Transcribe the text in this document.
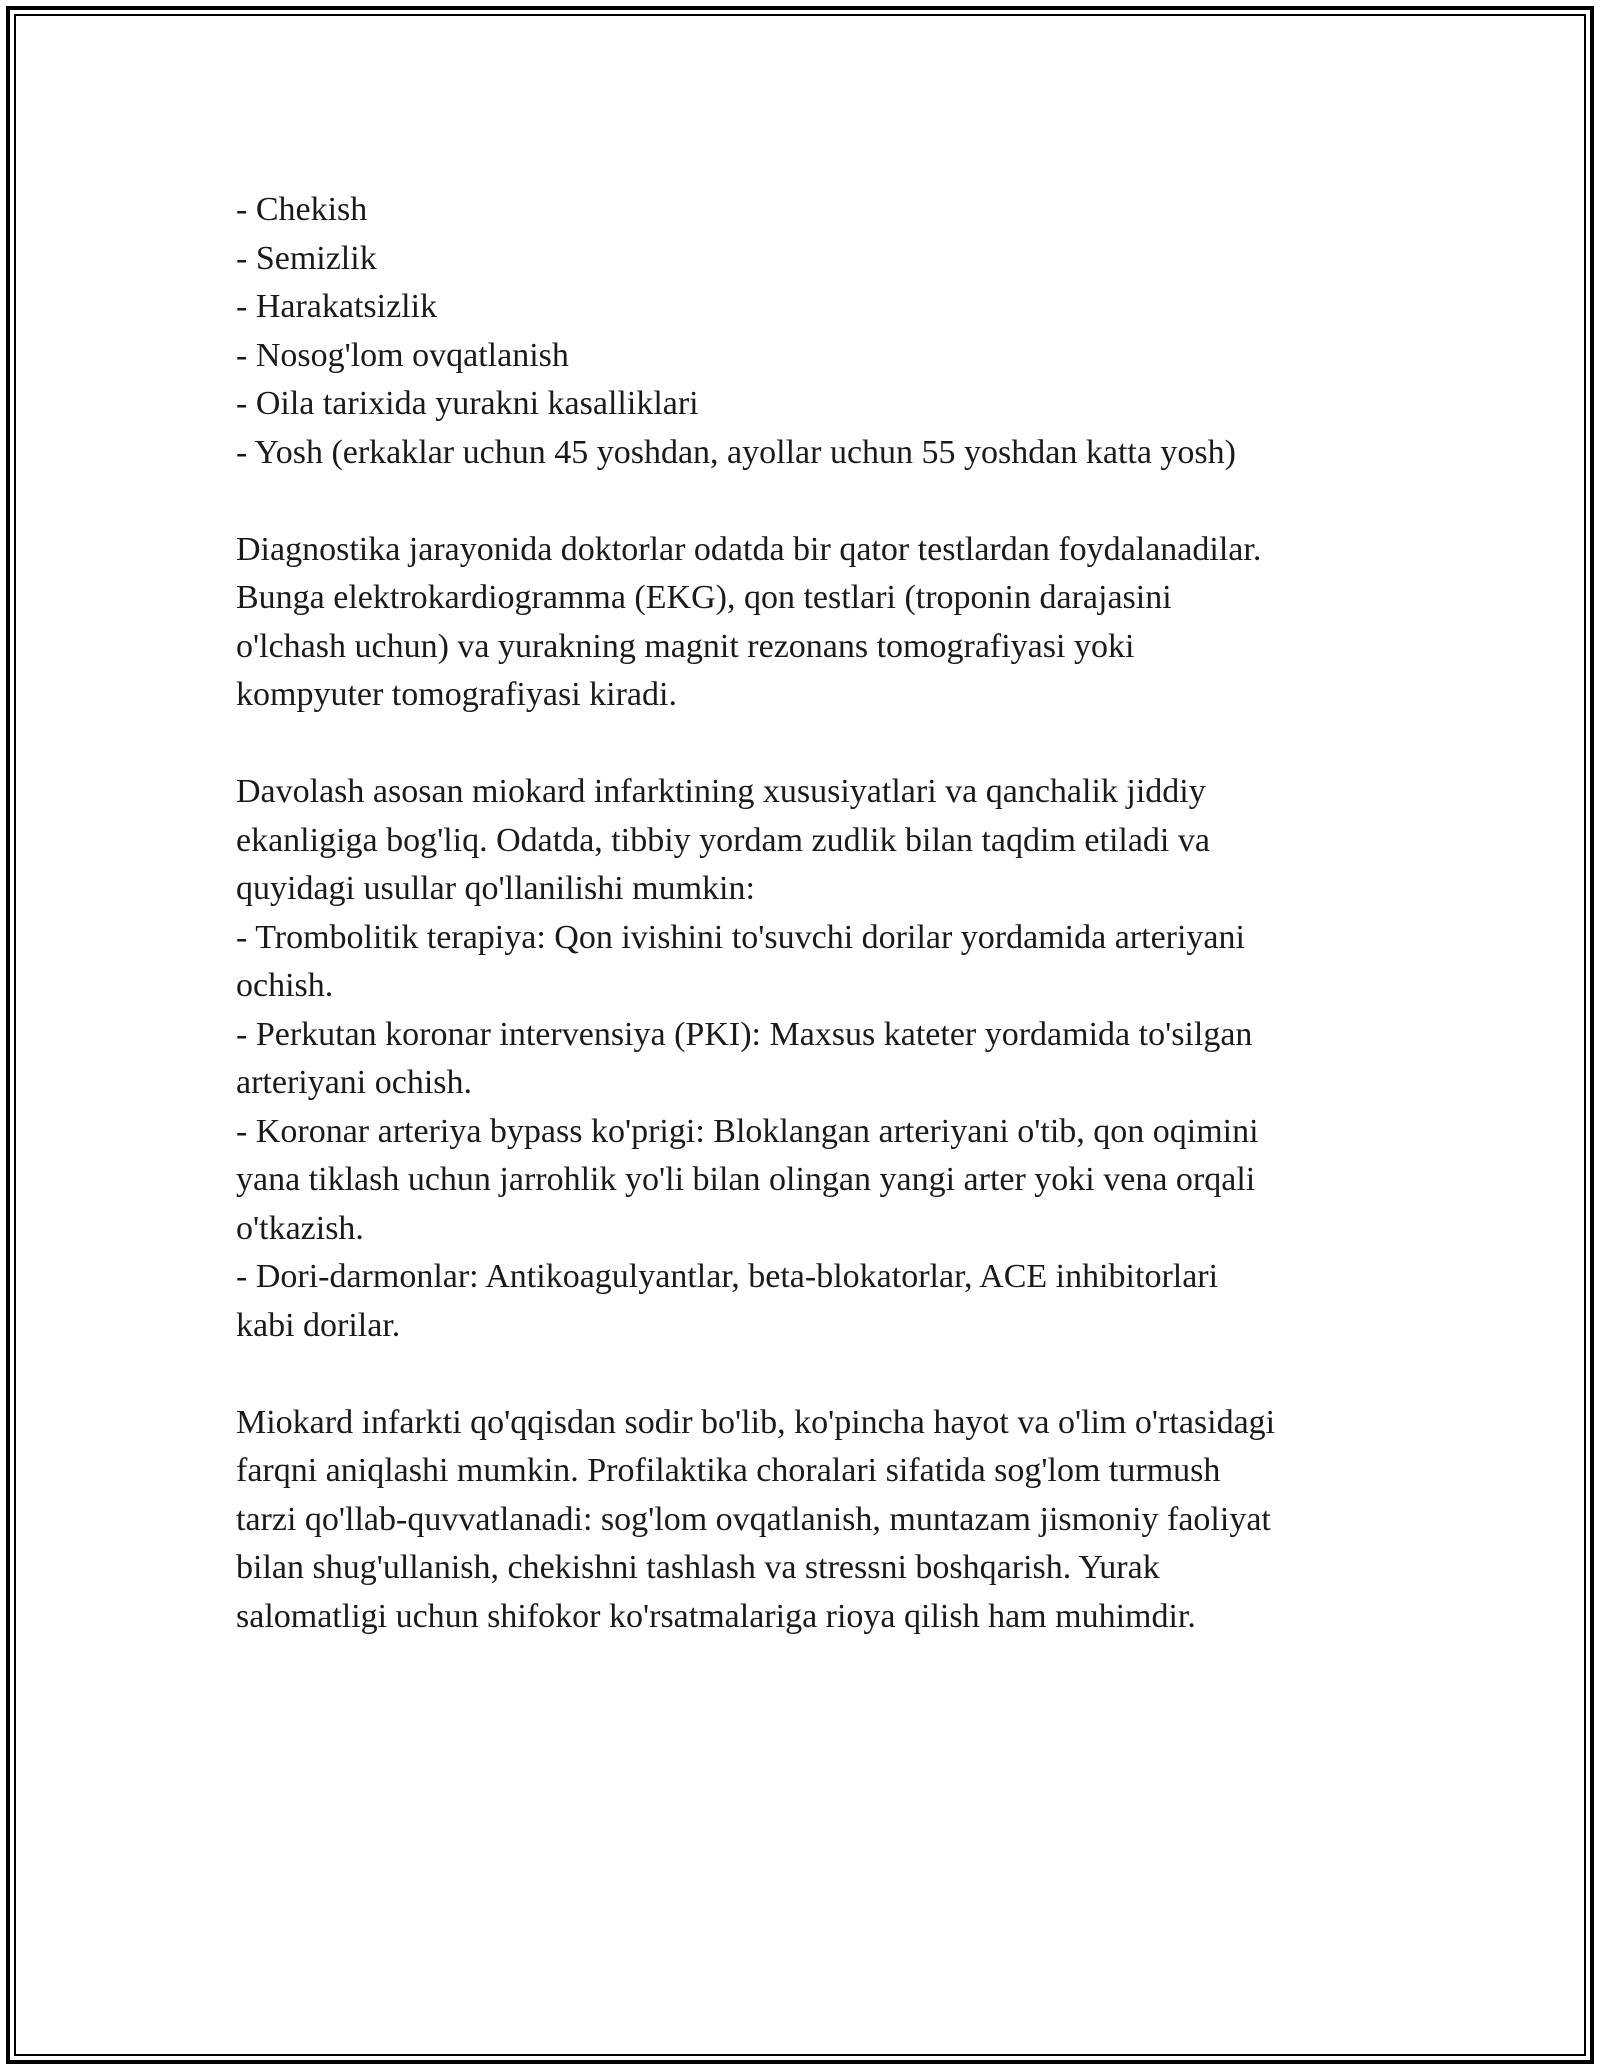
- Chekish
- Semizlik
- Harakatsizlik
- Nosog'lom ovqatlanish
- Oila tarixida yurakni kasalliklari
- Yosh (erkaklar uchun 45 yoshdan, ayollar uchun 55 yoshdan katta yosh)
Diagnostika jarayonida doktorlar odatda bir qator testlardan foydalanadilar.
Bunga elektrokardiogramma (EKG), qon testlari (troponin darajasini
o'lchash uchun) va yurakning magnit rezonans tomografiyasi yoki
kompyuter tomografiyasi kiradi.
Davolash asosan miokard infarktining xususiyatlari va qanchalik jiddiy
ekanligiga bog'liq. Odatda, tibbiy yordam zudlik bilan taqdim etiladi va
quyidagi usullar qo'llanilishi mumkin:
- Trombolitik terapiya: Qon ivishini to'suvchi dorilar yordamida arteriyani
ochish.
- Perkutan koronar intervensiya (PKI): Maxsus kateter yordamida to'silgan
arteriyani ochish.
- Koronar arteriya bypass ko'prigi: Bloklangan arteriyani o'tib, qon oqimini
yana tiklash uchun jarrohlik yo'li bilan olingan yangi arter yoki vena orqali
o'tkazish.
- Dori-darmonlar: Antikoagulyantlar, beta-blokatorlar, ACE inhibitorlari
kabi dorilar.
Miokard infarkti qo'qqisdan sodir bo'lib, ko'pincha hayot va o'lim o'rtasidagi
farqni aniqlashi mumkin. Profilaktika choralari sifatida sog'lom turmush
tarzi qo'llab-quvvatlanadi: sog'lom ovqatlanish, muntazam jismoniy faoliyat
bilan shug'ullanish, chekishni tashlash va stressni boshqarish. Yurak
salomatligi uchun shifokor ko'rsatmalariga rioya qilish ham muhimdir.
